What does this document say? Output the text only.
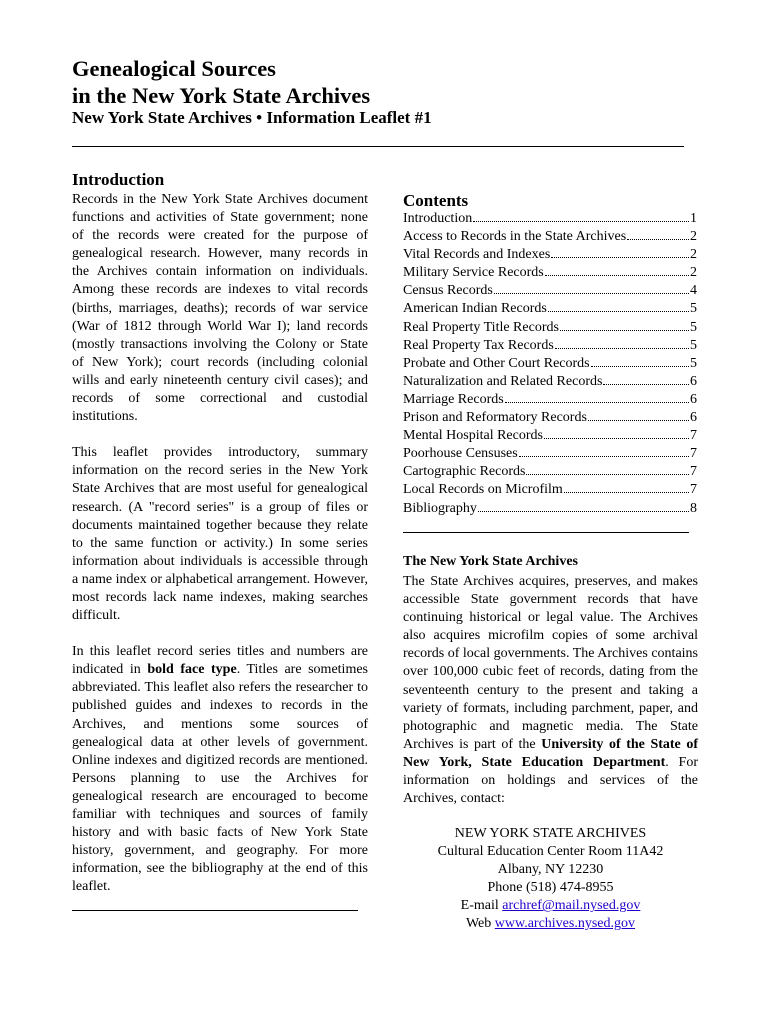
Genealogical Sources
in the New York State Archives
New York State Archives • Information Leaflet #1
Introduction

Records in the New York State Archives document functions and activities of State government; none of the records were created for the purpose of genealogical research. However, many records in the Archives contain information on individuals. Among these records are indexes to vital records (births, marriages, deaths); records of war service (War of 1812 through World War I); land records (mostly transactions involving the Colony or State of New York); court records (including colonial wills and early nineteenth century civil cases); and records of some correctional and custodial institutions.

This leaflet provides introductory, summary information on the record series in the New York State Archives that are most useful for genealogical research. (A "record series" is a group of files or documents maintained together because they relate to the same function or activity.) In some series information about individuals is accessible through a name index or alphabetical arrangement. However, most records lack name indexes, making searches difficult.

In this leaflet record series titles and numbers are indicated in bold face type. Titles are sometimes abbreviated. This leaflet also refers the researcher to published guides and indexes to records in the Archives, and mentions some sources of genealogical data at other levels of government. Online indexes and digitized records are mentioned. Persons planning to use the Archives for genealogical research are encouraged to become familiar with techniques and sources of family history and with basic facts of New York State history, government, and geography. For more information, see the bibliography at the end of this leaflet.

Contents
Introduction	1
Access to Records in the State Archives	2
Vital Records and Indexes	2
Military Service Records	2
Census Records	4
American Indian Records	5
Real Property Title Records	5
Real Property Tax Records	5
Probate and Other Court Records	5
Naturalization and Related Records	6
Marriage Records	6
Prison and Reformatory Records	6
Mental Hospital Records	7
Poorhouse Censuses	7
Cartographic Records	7
Local Records on Microfilm	7
Bibliography	8
The New York State Archives

The State Archives acquires, preserves, and makes accessible State government records that have continuing historical or legal value. The Archives also acquires microfilm copies of some archival records of local governments. The Archives contains over 100,000 cubic feet of records, dating from the seventeenth century to the present and taking a variety of formats, including parchment, paper, and photographic and magnetic media. The State Archives is part of the University of the State of New York, State Education Department. For information on holdings and services of the Archives, contact:

NEW YORK STATE ARCHIVES
Cultural Education Center Room 11A42
Albany, NY 12230
Phone (518) 474-8955
E-mail archref@mail.nysed.gov
Web www.archives.nysed.gov
